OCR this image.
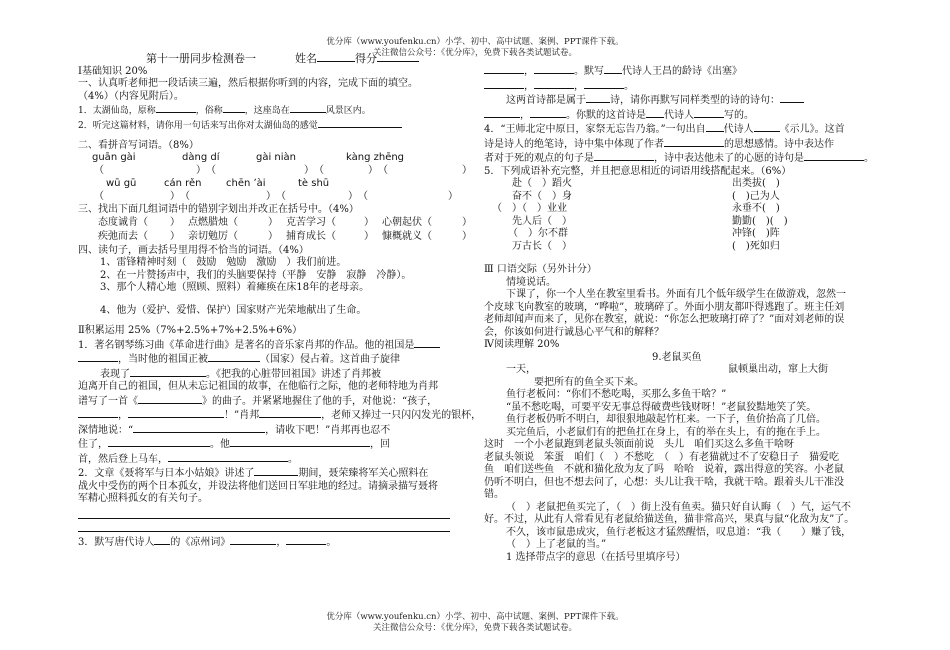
优分库（www.youfenku.cn）小学、初中、高中试题、案例、PPT课件下载。
关注微信公众号：《优分库》，免费下载各类试题试卷。
第十一册同步检测卷一	姓名	得分
Ⅰ基础知识 20%
一、认真听老师把一段话读三遍，然后根据你听到的内容，完成下面的填空。
（4%）（内容见附后）。
1．太湖仙岛，原称	，俗称 ，这座岛在	风景区内。
2．听完这篇材料，请你用一句话来写出你对太湖仙岛的感觉
二、看拼音写词语。（8%）
guān gài	dàng dí	gài niàn	kàng zhēng
（	） （	） （	） （	）
wū gū	cán rěn chēn ʼài	tè shū
（	） （	） （	） （	）
三、找出下面几组词语中的错别字划出并改正在括号中。（4%）
态度诚肯（ ） 点燃腊烛（	） 克苦学习（	） 心朝起伏（	）
疾弛而去（ ） 亲切勉厉（	） 捕育成长（	） 慷概就义（	）
四、读句子，画去括号里用得不恰当的词语。（4%）
1、雷锋精神时刻（　鼓励　勉励　激励　）我们前进。
2、在一片赞扬声中，我们的头脑要保持（平静　安静　寂静　冷静）。
3、那个人精心地（照顾、照料）着瘫痪在床18年的老母亲。
4、他为（爱护、爱惜、保护）国家财产光荣地献出了生命。
Ⅱ积累运用 25%（7%+2.5%+7%+2.5%+6%）
1．著名钢琴练习曲《革命进行曲》是著名的音乐家肖邦的作品。他的祖国是
，当时他的祖国正被	（国家）侵占着。这首曲子旋律
表现了	。《把我的心脏带回祖国》讲述了肖邦被
迫离开自己的祖国，但从未忘记祖国的故事，在他临行之际，他的老师特地为肖邦
谱写了一首《	》的曲子。并紧紧地握住了他的手，对他说：“孩子，
，	！”肖邦	，老师又捧过一只闪闪发光的银杯，
深情地说：“	，请收下吧！”肖邦再也忍不
住了，	。他	，回
首，然后登上马车，	。
2．文章《聂将军与日本小姑娘》讲述了	期间，聂荣臻将军关心照料在
战火中受伤的两个日本孤女，并设法将他们送回日军驻地的经过。请摘录描写聂将
军精心照料孤女的有关句子。
3．默写唐代诗人 的《凉州词》	，	。
，	。默写 代诗人王昌的龄诗《出塞》
，	，	。
这两首诗都是属于 诗，请你再默写同样类型的诗的诗句：
，	。你默的这首诗是 代诗人	写的。
4．“王师北定中原日，家祭无忘告乃翁。”一句出自 代诗人	《示儿》。这首
诗是诗人的绝笔诗，诗中集中体现了作者	的思想感情。诗中表达作
者对于死的观点的句子是	，诗中表达他未了的心愿的诗句是	。
5．下列成语补充完整，并且把意思相近的词语用线搭配起来。（6%）
赴（　）蹈火
奋不（　）身
（　）（　）业业
先人后（　）
（　）尔不群
万古长（　）
出类拔(　)
(　)己为人
永垂不(　)
勤勤(　)(　)
冲锋(　)阵
(　)死如归
Ⅲ 口语交际（另外计分）
情境说话。
下课了，你一个人坐在教室里看书。外面有几个低年级学生在做游戏，忽然一
个皮球飞向教室的玻璃，“哗啦”，玻璃碎了。外面小朋友都吓得逃跑了。班主任刘
老师却闻声而来了，见你在教室，就说：“你怎么把玻璃打碎了？”面对刘老师的误
会，你该如何进行诚恳心平气和的解释？
Ⅳ阅读理解 20%
9.老鼠买鱼
一天，	鼠顿巢出动，窜上大街
要把所有的鱼全买下来。
鱼行老板问：“你们不愁吃喝，买那么多鱼干啥？”
“虽不愁吃喝，可要平安无事总得破费些钱财呀！”老鼠狡黠地笑了笑。
鱼行老板仍听不明白，却很狠地敲起竹杠来。一下子，鱼价抬高了几倍。
买完鱼后，小老鼠们有的把鱼扛在身上，有的举在头上，有的拖在手上。
这时　一个小老鼠跑到老鼠头领面前说　头儿　咱们买这么多鱼干啥呀
老鼠头领说　笨蛋　咱们（　）不愁吃　（　）有老猫就过不了安稳日子　猫爱吃
鱼　咱们送些鱼　不就和猫化敌为友了吗　哈哈　说着，露出得意的笑容。小老鼠
仍听不明白，但也不想去问了，心想：头儿让我干啥，我就干啥。跟着头儿干准没
错。
（　）老鼠把鱼买完了，（　）街上没有鱼卖。猫只好自认晦（　）气，运气不
好。不过，从此有人常看见有老鼠给猫送鱼，猫非常高兴，果真与鼠“化敌为友”了。
不久，该市鼠患成灾，鱼行老板这才猛然醒悟，叹息道：“我（　　）赚了钱，
（　）上了老鼠的当。”
1 选择带点字的意思（在括号里填序号）
优分库（www.youfenku.cn）小学、初中、高中试题、案例、PPT课件下载。
关注微信公众号：《优分库》，免费下载各类试题试卷。
